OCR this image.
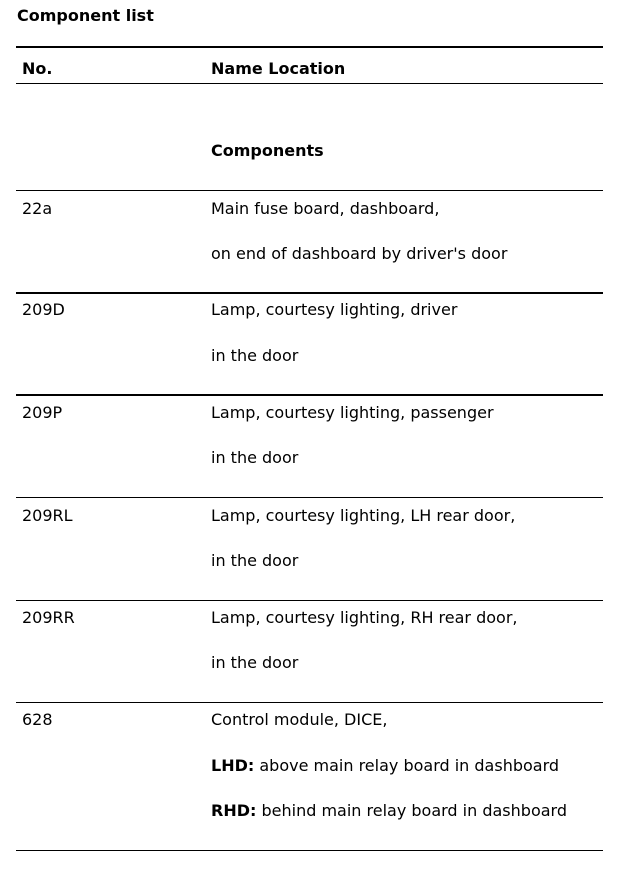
Component list
No.	Name Location
Components
22a	Main fuse board, dashboard,
on end of dashboard by driver's door
209D	Lamp, courtesy lighting, driver
in the door
209P	Lamp, courtesy lighting, passenger
in the door
209RL	Lamp, courtesy lighting, LH rear door,
in the door
209RR	Lamp, courtesy lighting, RH rear door,
in the door
628	Control module, DICE,
LHD: above main relay board in dashboard
RHD: behind main relay board in dashboard
